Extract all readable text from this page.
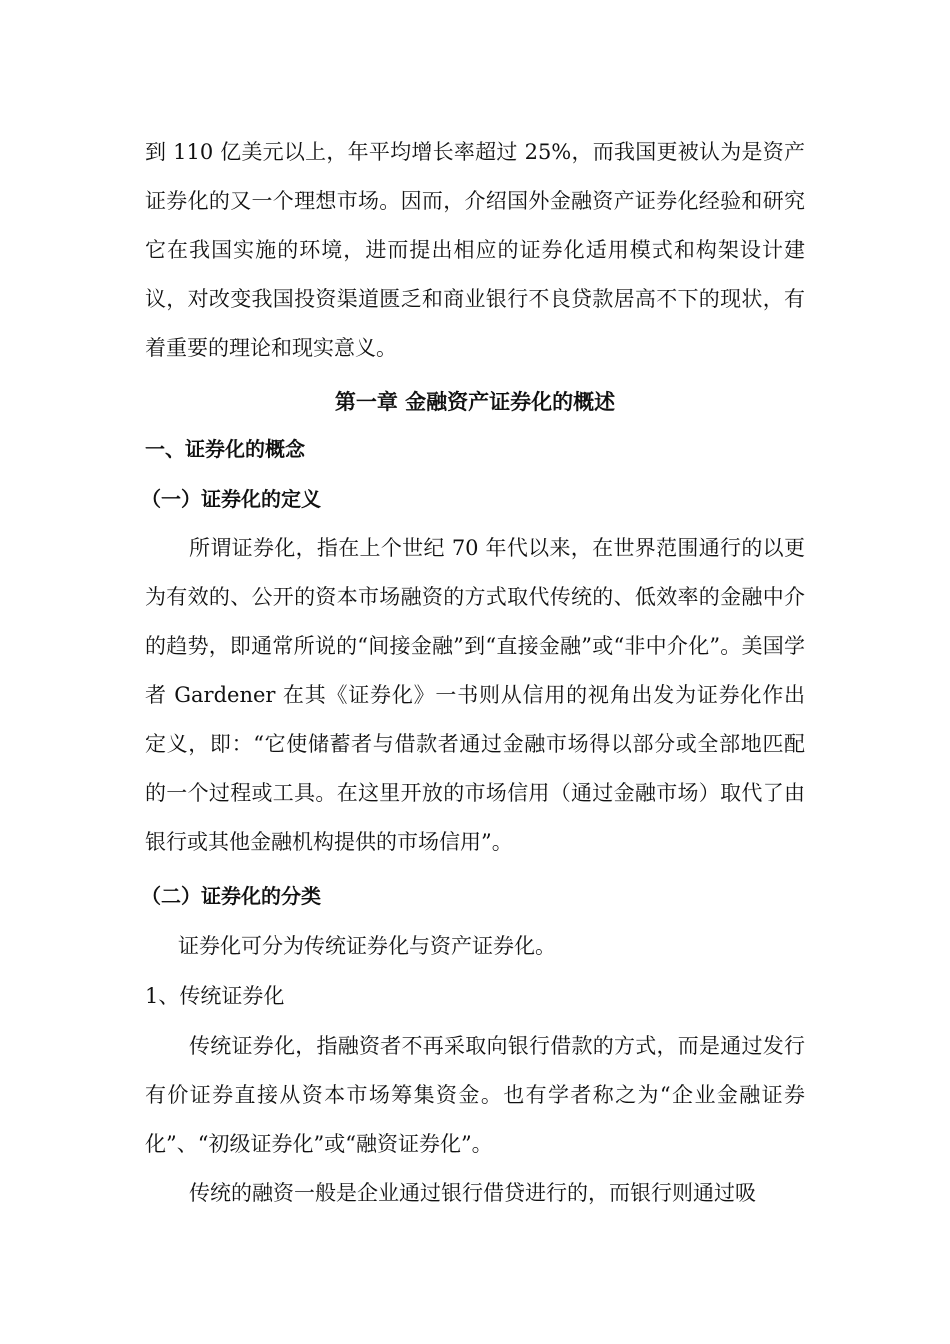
到 110 亿美元以上，年平均增长率超过 25%，而我国更被认为是资产证券化的又一个理想市场。因而，介绍国外金融资产证券化经验和研究它在我国实施的环境，进而提出相应的证券化适用模式和构架设计建议，对改变我国投资渠道匮乏和商业银行不良贷款居高不下的现状，有着重要的理论和现实意义。

第一章 金融资产证券化的概述
一、证券化的概念
（一）证券化的定义

所谓证券化，指在上个世纪 70 年代以来，在世界范围通行的以更为有效的、公开的资本市场融资的方式取代传统的、低效率的金融中介的趋势，即通常所说的“间接金融”到“直接金融”或“非中介化”。美国学者 Gardener 在其《证券化》一书则从信用的视角出发为证券化作出定义，即：“它使储蓄者与借款者通过金融市场得以部分或全部地匹配的一个过程或工具。在这里开放的市场信用（通过金融市场）取代了由银行或其他金融机构提供的市场信用”。

（二）证券化的分类

证券化可分为传统证券化与资产证券化。

1、传统证券化

传统证券化，指融资者不再采取向银行借款的方式，而是通过发行有价证券直接从资本市场筹集资金。也有学者称之为“企业金融证券化”、“初级证券化”或“融资证券化”。

传统的融资一般是企业通过银行借贷进行的，而银行则通过吸
